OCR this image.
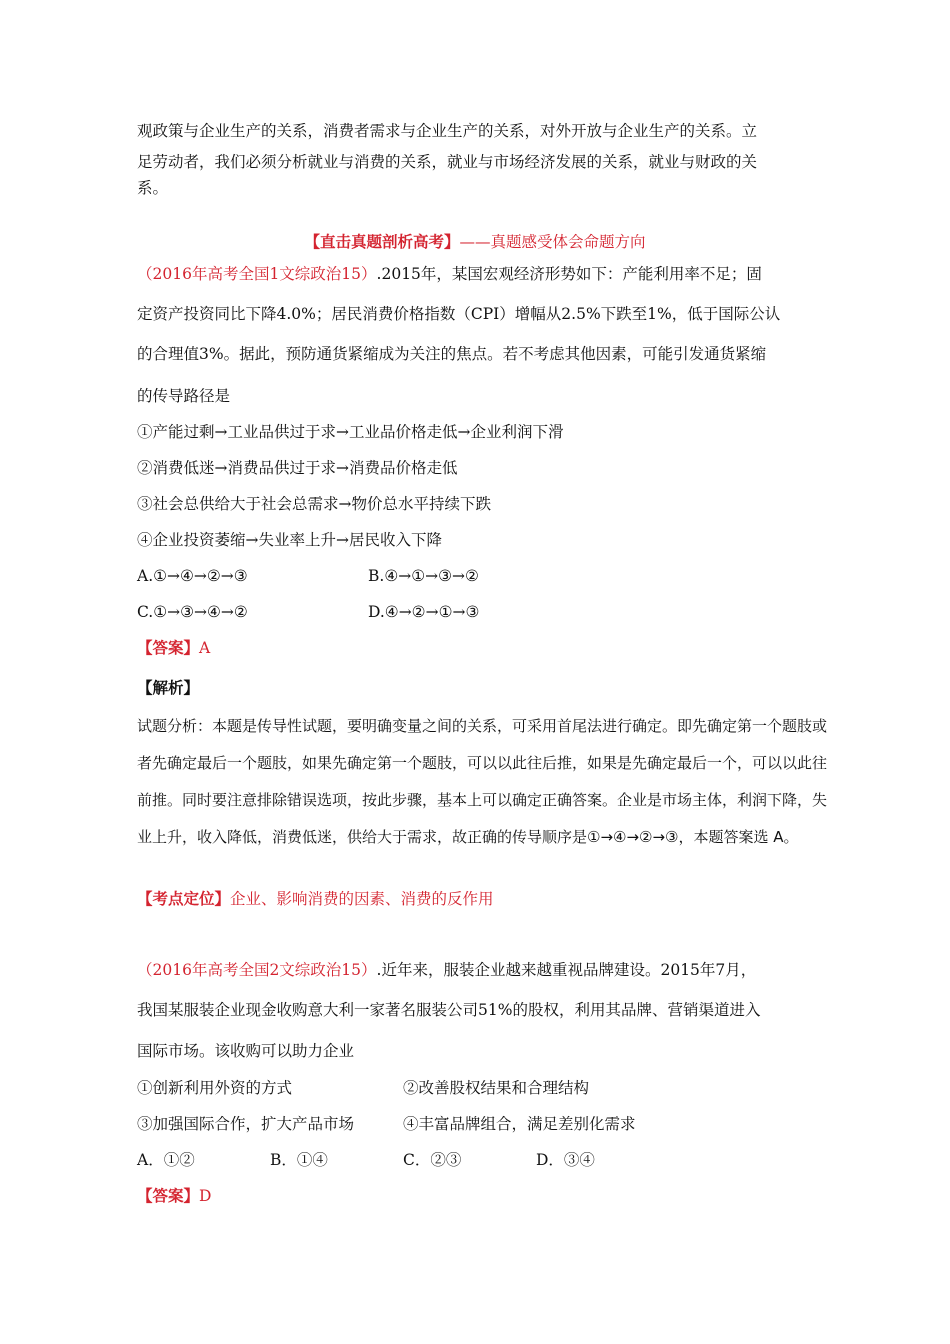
观政策与企业生产的关系，消费者需求与企业生产的关系，对外开放与企业生产的关系。立
足劳动者，我们必须分析就业与消费的关系，就业与市场经济发展的关系，就业与财政的关
系。
【直击真题剖析高考】——真题感受体会命题方向
（2016年高考全国1文综政治15）.2015年，某国宏观经济形势如下：产能利用率不足；固
定资产投资同比下降4.0%；居民消费价格指数（CPI）增幅从2.5%下跌至1%，低于国际公认
的合理值3%。据此，预防通货紧缩成为关注的焦点。若不考虑其他因素，可能引发通货紧缩
的传导路径是
①产能过剩→工业品供过于求→工业品价格走低→企业利润下滑
②消费低迷→消费品供过于求→消费品价格走低
③社会总供给大于社会总需求→物价总水平持续下跌
④企业投资萎缩→失业率上升→居民收入下降
A.①→④→②→③	B.④→①→③→②
C.①→③→④→②	D.④→②→①→③
【答案】A
【解析】
试题分析：本题是传导性试题，要明确变量之间的关系，可采用首尾法进行确定。即先确定第一个题肢或
者先确定最后一个题肢，如果先确定第一个题肢，可以以此往后推，如果是先确定最后一个，可以以此往
前推。同时要注意排除错误选项，按此步骤，基本上可以确定正确答案。企业是市场主体，利润下降，失
业上升，收入降低，消费低迷，供给大于需求，故正确的传导顺序是①→④→②→③，本题答案选 A。
【考点定位】企业、影响消费的因素、消费的反作用
（2016年高考全国2文综政治15）.近年来，服装企业越来越重视品牌建设。2015年7月，
我国某服装企业现金收购意大利一家著名服装公司51%的股权，利用其品牌、营销渠道进入
国际市场。该收购可以助力企业
①创新利用外资的方式	②改善股权结果和合理结构
③加强国际合作，扩大产品市场	④丰富品牌组合，满足差别化需求
A．①②	B．①④	C．②③	D．③④
【答案】D
